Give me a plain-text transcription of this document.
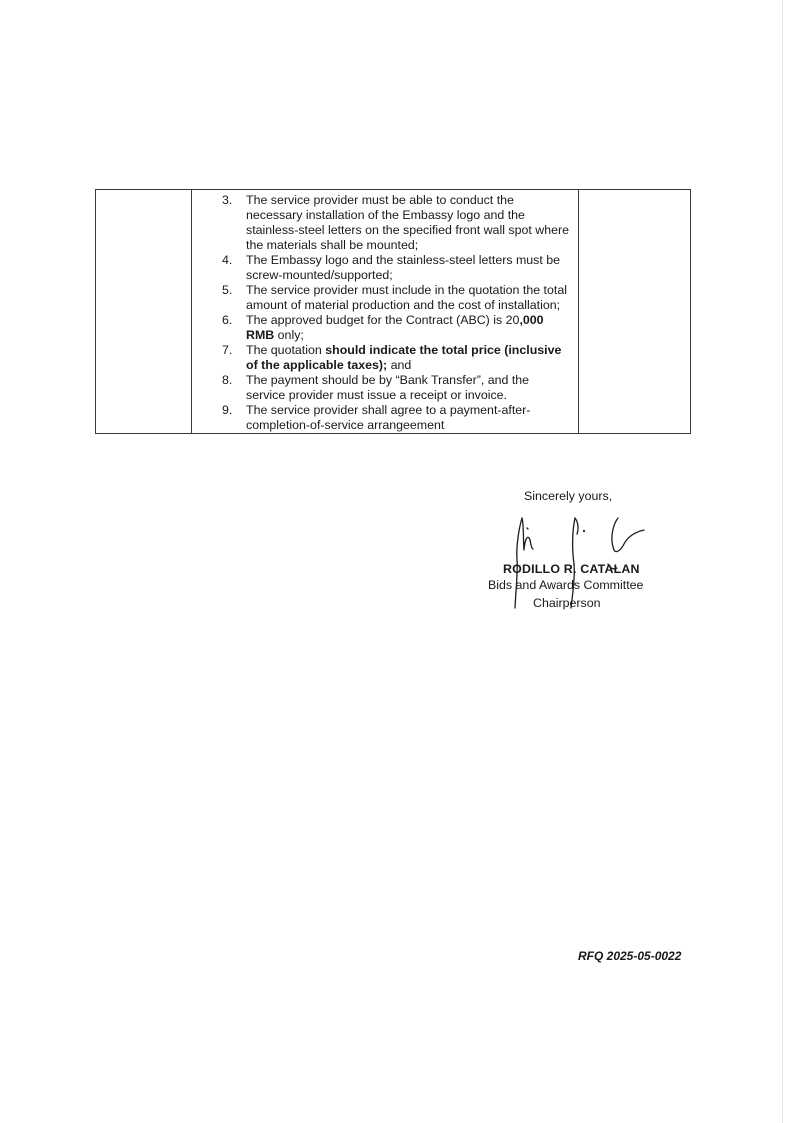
3.	The service provider must be able to conduct the necessary installation of the Embassy logo and the stainless-steel letters on the specified front wall spot where the materials shall be mounted;
4.	The Embassy logo and the stainless-steel letters must be screw-mounted/supported;
5.	The service provider must include in the quotation the total amount of material production and the cost of installation;
6.	The approved budget for the Contract (ABC) is 20,000 RMB only;
7.	The quotation should indicate the total price (inclusive of the applicable taxes); and
8.	The payment should be by “Bank Transfer”, and the service provider must issue a receipt or invoice.
9.	The service provider shall agree to a payment-after-completion-of-service arrangeement

Sincerely yours,
RODILLO R. CATALAN
Bids and Awards Committee
Chairperson
RFQ 2025-05-0022
